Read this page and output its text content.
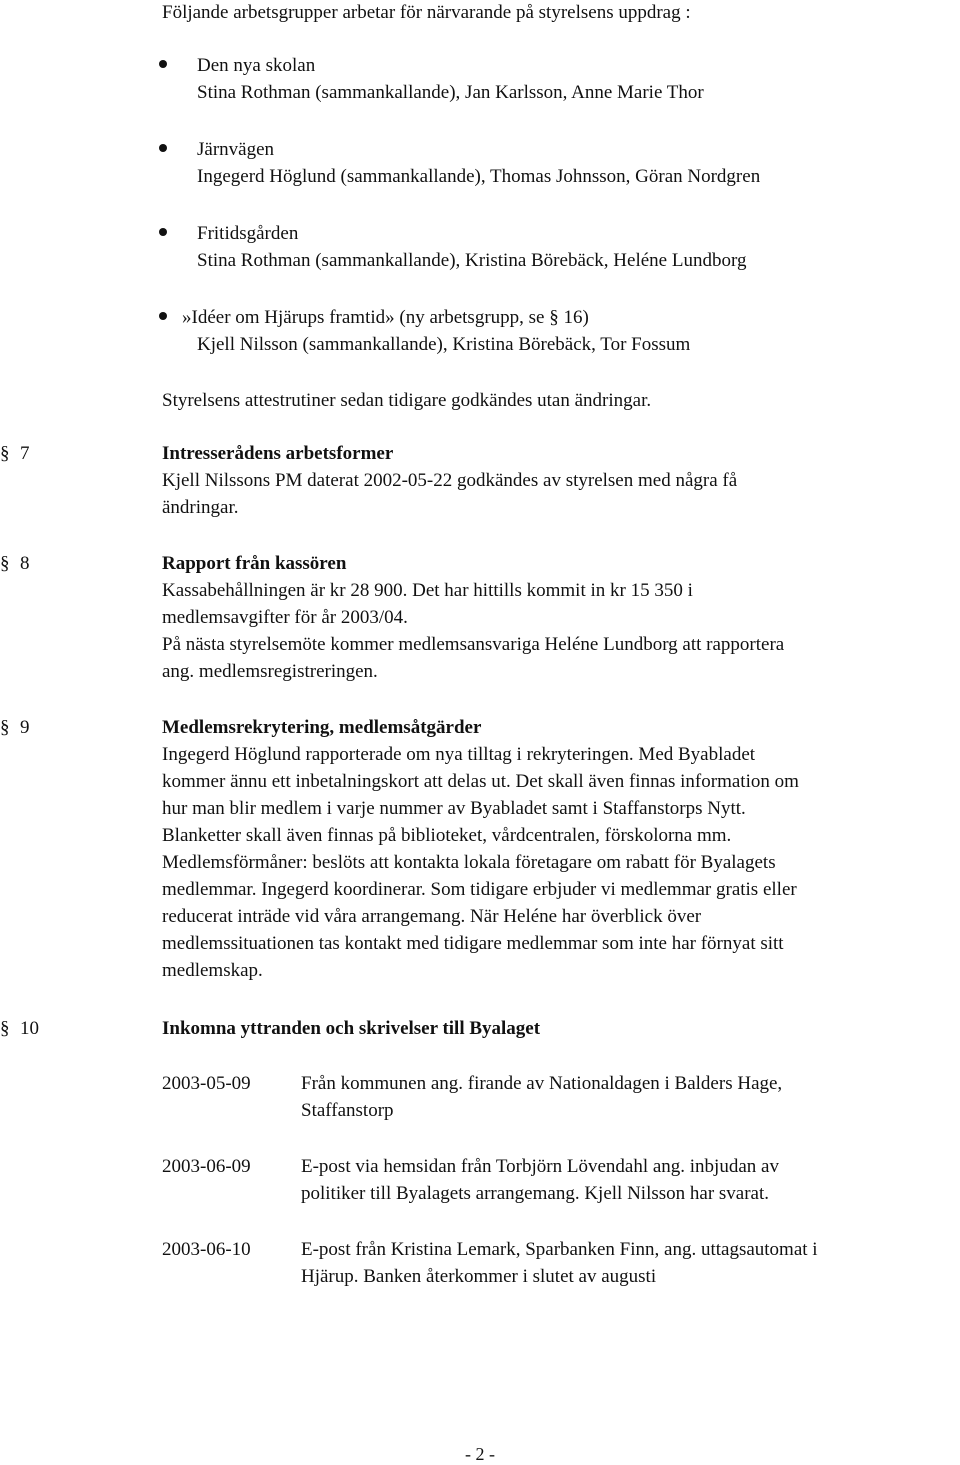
Följande arbetsgrupper arbetar för närvarande på styrelsens uppdrag :
Den nya skolan
Stina Rothman (sammankallande), Jan Karlsson, Anne Marie Thor
Järnvägen
Ingegerd Höglund (sammankallande), Thomas Johnsson, Göran Nordgren
Fritidsgården
Stina Rothman (sammankallande), Kristina Börebäck, Heléne Lundborg
»Idéer om Hjärups framtid» (ny arbetsgrupp, se § 16)
Kjell Nilsson (sammankallande), Kristina Börebäck, Tor Fossum
Styrelsens attestrutiner sedan tidigare godkändes utan ändringar.
§ 7	Intresserådens arbetsformer
Kjell Nilssons PM daterat 2002-05-22 godkändes av styrelsen med några få
ändringar.
§ 8	Rapport från kassören
Kassabehållningen är kr 28 900. Det har hittills kommit in kr 15 350 i
medlemsavgifter för år 2003/04.
På nästa styrelsemöte kommer medlemsansvariga Heléne Lundborg att rapportera
ang. medlemsregistreringen.
§ 9	Medlemsrekrytering, medlemsåtgärder
Ingegerd Höglund rapporterade om nya tilltag i rekryteringen. Med Byabladet
kommer ännu ett inbetalningskort att delas ut. Det skall även finnas information om
hur man blir medlem i varje nummer av Byabladet samt i Staffanstorps Nytt.
Blanketter skall även finnas på biblioteket, vårdcentralen, förskolorna mm.
Medlemsförmåner: beslöts att kontakta lokala företagare om rabatt för Byalagets
medlemmar. Ingegerd koordinerar. Som tidigare erbjuder vi medlemmar gratis eller
reducerat inträde vid våra arrangemang. När Heléne har överblick över
medlemssituationen tas kontakt med tidigare medlemmar som inte har förnyat sitt
medlemskap.
§ 10	Inkomna yttranden och skrivelser till Byalaget
2003-05-09	Från kommunen ang. firande av Nationaldagen i Balders Hage,
Staffanstorp
2003-06-09	E-post via hemsidan från Torbjörn Lövendahl ang. inbjudan av
politiker till Byalagets arrangemang. Kjell Nilsson har svarat.
2003-06-10	E-post från Kristina Lemark, Sparbanken Finn, ang. uttagsautomat i
Hjärup. Banken återkommer i slutet av augusti
- 2 -
